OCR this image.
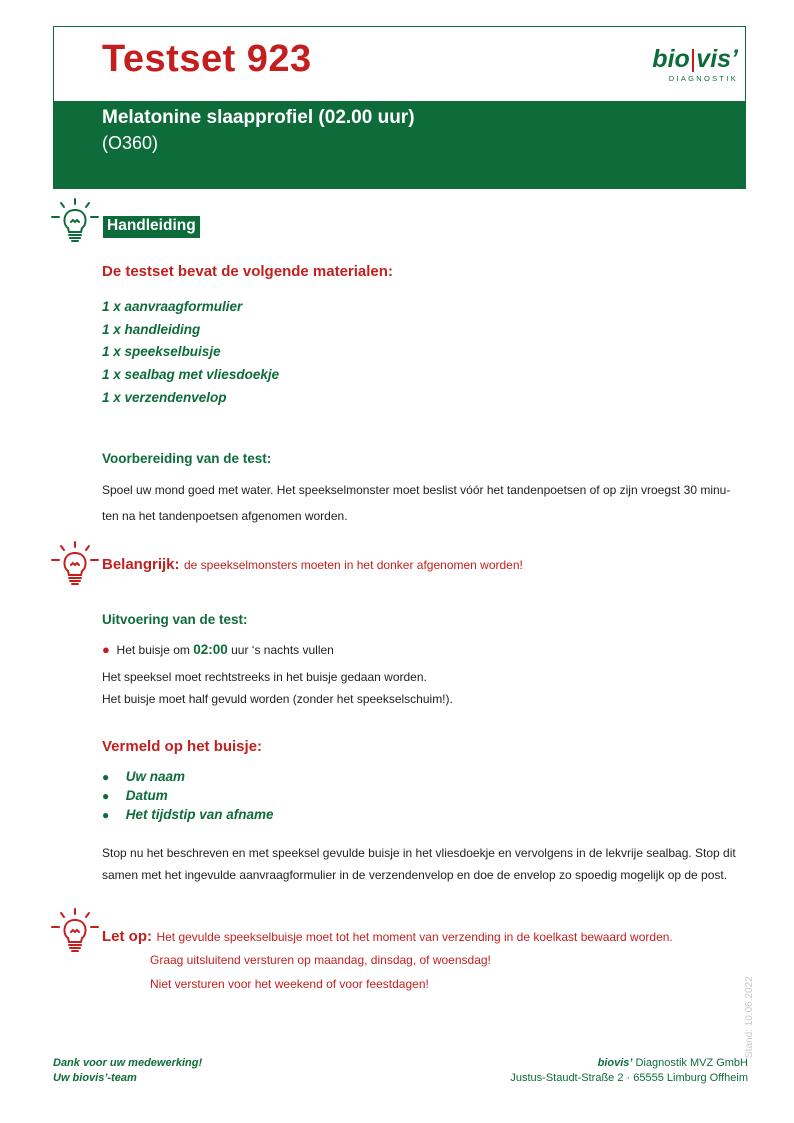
Testset 923	bio|vis’
DIAGNOSTIK
Melatonine slaapprofiel (02.00 uur)
(O360)
Handleiding
De testset bevat de volgende materialen:
1 x aanvraagformulier
1 x handleiding
1 x speekselbuisje
1 x sealbag met vliesdoekje
1 x verzendenvelop
Voorbereiding van de test:
Spoel uw mond goed met water. Het speekselmonster moet beslist vóór het tandenpoetsen of op zijn vroegst 30 minu-
ten na het tandenpoetsen afgenomen worden.
Belangrijk: de speekselmonsters moeten in het donker afgenomen worden!
Uitvoering van de test:
● Het buisje om 02:00 uur ‘s nachts vullen
Het speeksel moet rechtstreeks in het buisje gedaan worden.
Het buisje moet half gevuld worden (zonder het speekselschuim!).
Vermeld op het buisje:
● Uw naam
● Datum
● Het tijdstip van afname
Stop nu het beschreven en met speeksel gevulde buisje in het vliesdoekje en vervolgens in de lekvrije sealbag. Stop dit
samen met het ingevulde aanvraagformulier in de verzendenvelop en doe de envelop zo spoedig mogelijk op de post.
Let op: Het gevulde speekselbuisje moet tot het moment van verzending in de koelkast bewaard worden.
Graag uitsluitend versturen op maandag, dinsdag, of woensdag!
Niet versturen voor het weekend of voor feestdagen!	Stand: 10.06.2022
Dank voor uw medewerking!
Uw biovis’-team
biovis’ Diagnostik MVZ GmbH
Justus-Staudt-Straße 2 · 65555 Limburg Offheim
